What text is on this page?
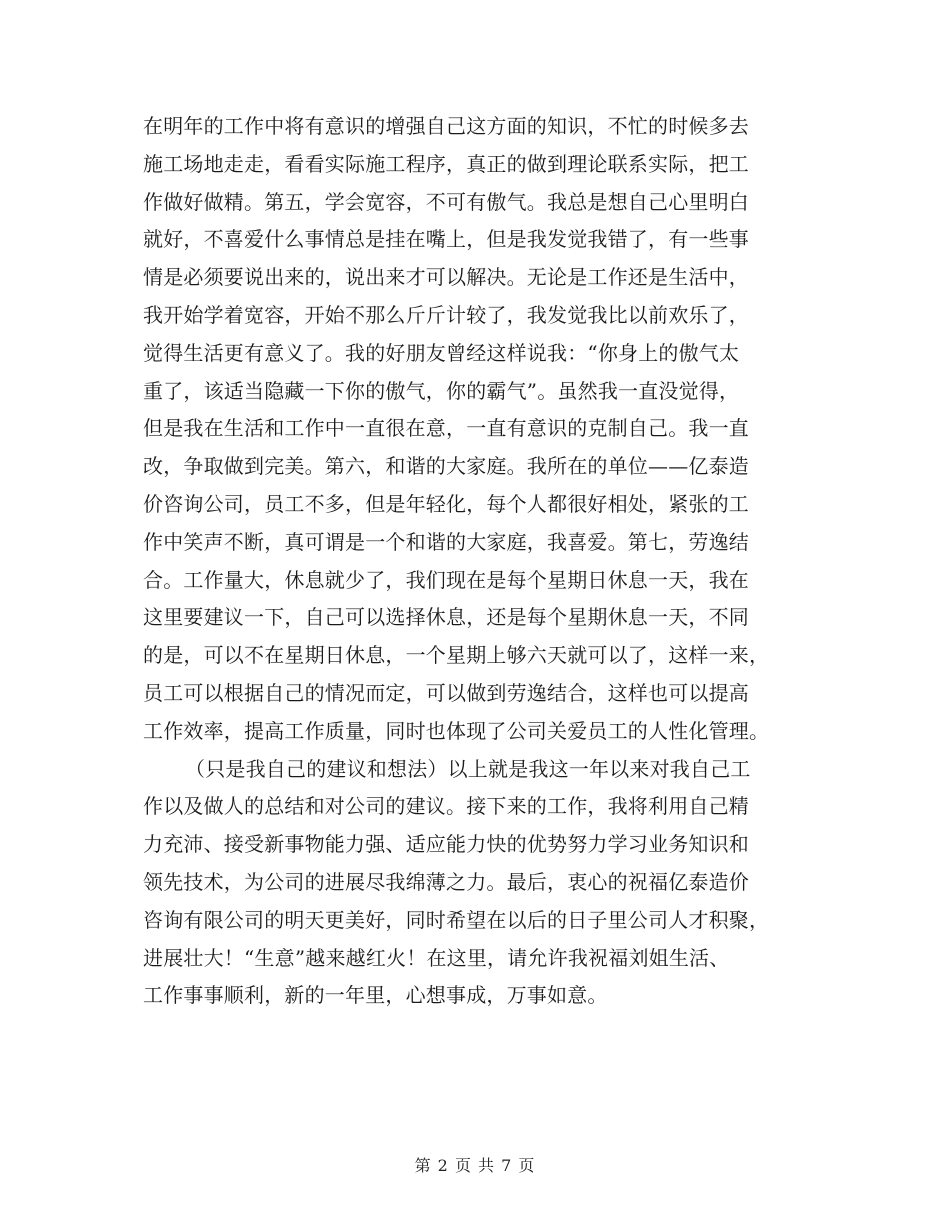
在明年的工作中将有意识的增强自己这方面的知识，不忙的时候多去
施工场地走走，看看实际施工程序，真正的做到理论联系实际，把工
作做好做精。第五，学会宽容，不可有傲气。我总是想自己心里明白
就好，不喜爱什么事情总是挂在嘴上，但是我发觉我错了，有一些事
情是必须要说出来的，说出来才可以解决。无论是工作还是生活中，
我开始学着宽容，开始不那么斤斤计较了，我发觉我比以前欢乐了，
觉得生活更有意义了。我的好朋友曾经这样说我：“你身上的傲气太
重了，该适当隐藏一下你的傲气，你的霸气”。虽然我一直没觉得，
但是我在生活和工作中一直很在意，一直有意识的克制自己。我一直
改，争取做到完美。第六，和谐的大家庭。我所在的单位——亿泰造
价咨询公司，员工不多，但是年轻化，每个人都很好相处，紧张的工
作中笑声不断，真可谓是一个和谐的大家庭，我喜爱。第七，劳逸结
合。工作量大，休息就少了，我们现在是每个星期日休息一天，我在
这里要建议一下，自己可以选择休息，还是每个星期休息一天，不同
的是，可以不在星期日休息，一个星期上够六天就可以了，这样一来，
员工可以根据自己的情况而定，可以做到劳逸结合，这样也可以提高
工作效率，提高工作质量，同时也体现了公司关爱员工的人性化管理。
（只是我自己的建议和想法）以上就是我这一年以来对我自己工
作以及做人的总结和对公司的建议。接下来的工作，我将利用自己精
力充沛、接受新事物能力强、适应能力快的优势努力学习业务知识和
领先技术，为公司的进展尽我绵薄之力。最后，衷心的祝福亿泰造价
咨询有限公司的明天更美好，同时希望在以后的日子里公司人才积聚，
进展壮大！“生意”越来越红火！在这里，请允许我祝福刘姐生活、
工作事事顺利，新的一年里，心想事成，万事如意。
第 2 页 共 7 页
